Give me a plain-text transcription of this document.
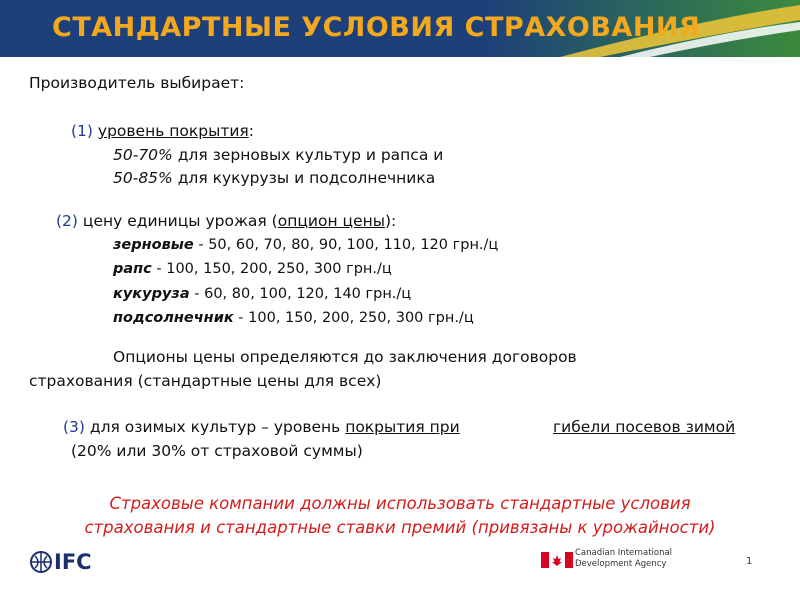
СТАНДАРТНЫЕ УСЛОВИЯ СТРАХОВАНИЯ
Производитель выбирает:
(1) уровень покрытия:
50-70% для зерновых культур и рапса и
50-85% для кукурузы и подсолнечника
(2) цену единицы урожая (опцион цены):
зерновые - 50, 60, 70, 80, 90, 100, 110, 120 грн./ц
рапс - 100, 150, 200, 250, 300 грн./ц
кукуруза - 60, 80, 100, 120, 140 грн./ц
подсолнечник - 100, 150, 200, 250, 300 грн./ц
Опционы цены определяются до заключения договоров
страхования (стандартные цены для всех)
(3) для озимых культур – уровень покрытия при	гибели посевов зимой
(20% или 30% от страховой суммы)
Страховые компании должны использовать стандартные условия
страхования и стандартные ставки премий (привязаны к урожайности)
IFC	Canadian International
Development Agency	1
